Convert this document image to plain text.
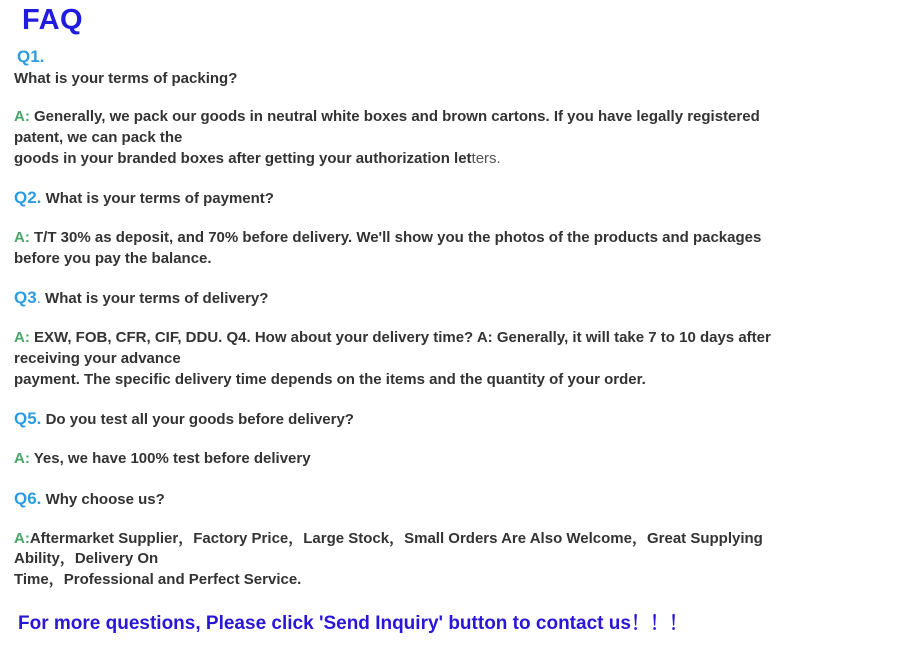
FAQ
Q1.
What is your terms of packing?
A: Generally, we pack our goods in neutral white boxes and brown cartons. If you have legally registered
patent, we can pack the
goods in your branded boxes after getting your authorization letters.
Q2. What is your terms of payment?
A: T/T 30% as deposit, and 70% before delivery. We'll show you the photos of the products and packages
before you pay the balance.
Q3. What is your terms of delivery?
A: EXW, FOB, CFR, CIF, DDU. Q4. How about your delivery time? A: Generally, it will take 7 to 10 days after
receiving your advance
payment. The specific delivery time depends on the items and the quantity of your order.
Q5. Do you test all your goods before delivery?
A: Yes, we have 100% test before delivery
Q6. Why choose us?
A:Aftermarket Supplier，Factory Price，Large Stock，Small Orders Are Also Welcome，Great Supplying
Ability，Delivery On
Time，Professional and Perfect Service.
For more questions, Please click 'Send Inquiry' button to contact us！！！
